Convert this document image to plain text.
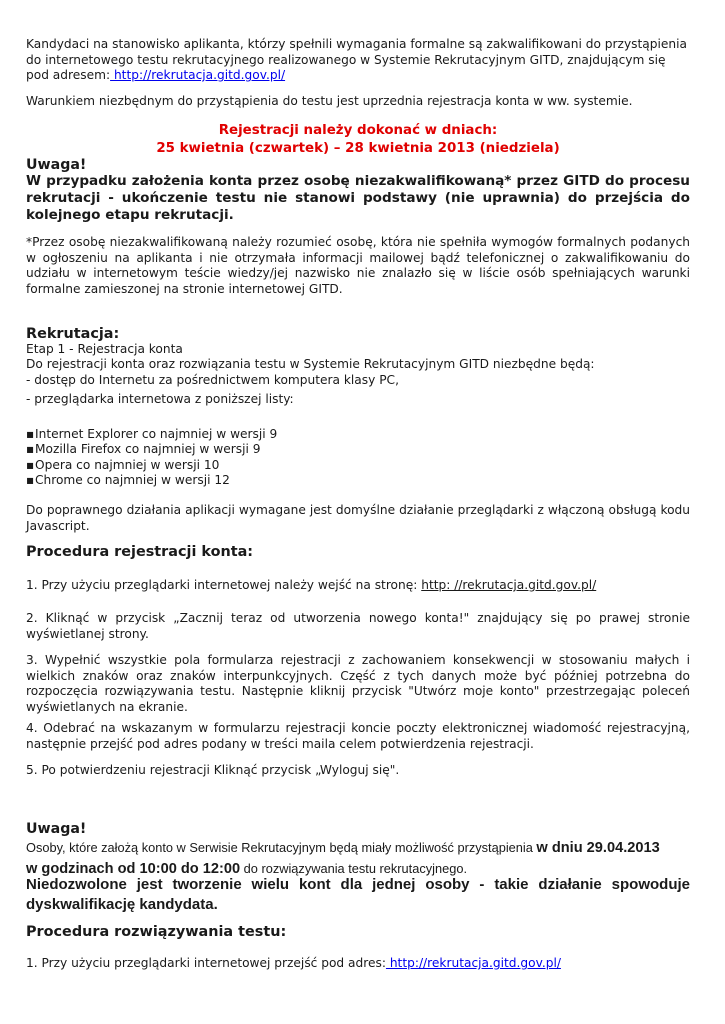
Kandydaci na stanowisko aplikanta, którzy spełnili wymagania formalne są zakwalifikowani do przystąpienia do internetowego testu rekrutacyjnego realizowanego w Systemie Rekrutacyjnym GITD, znajdującym się pod adresem: http://rekrutacja.gitd.gov.pl/

Warunkiem niezbędnym do przystąpienia do testu jest uprzednia rejestracja konta w ww. systemie.

Rejestracji należy dokonać w dniach:

25 kwietnia (czwartek) – 28 kwietnia 2013 (niedziela)

Uwaga!

W przypadku założenia konta przez osobę niezakwalifikowaną* przez GITD do procesu rekrutacji - ukończenie testu nie stanowi podstawy (nie uprawnia) do przejścia do kolejnego etapu rekrutacji.

*Przez osobę niezakwalifikowaną należy rozumieć osobę, która nie spełniła wymogów formalnych podanych w ogłoszeniu na aplikanta i nie otrzymała informacji mailowej bądź telefonicznej o zakwalifikowaniu do udziału w internetowym teście wiedzy/jej nazwisko nie znalazło się w liście osób spełniających warunki formalne zamieszonej na stronie internetowej GITD.

Rekrutacja:

Etap 1 - Rejestracja konta

Do rejestracji konta oraz rozwiązania testu w Systemie Rekrutacyjnym GITD niezbędne będą:

- dostęp do Internetu za pośrednictwem komputera klasy PC,

- przeglądarka internetowa z poniższej listy:

▪Internet Explorer co najmniej w wersji 9
▪Mozilla Firefox co najmniej w wersji 9
▪Opera co najmniej w wersji 10
▪Chrome co najmniej w wersji 12

Do poprawnego działania aplikacji wymagane jest domyślne działanie przeglądarki z włączoną obsługą kodu Javascript.

Procedura rejestracji konta:

1. Przy użyciu przeglądarki internetowej należy wejść na stronę: http: //rekrutacja.gitd.gov.pl/

2. Kliknąć w przycisk „Zacznij teraz od utworzenia nowego konta!" znajdujący się po prawej stronie wyświetlanej strony.

3. Wypełnić wszystkie pola formularza rejestracji z zachowaniem konsekwencji w stosowaniu małych i wielkich znaków oraz znaków interpunkcyjnych. Część z tych danych może być później potrzebna do rozpoczęcia rozwiązywania testu. Następnie kliknij przycisk "Utwórz moje konto" przestrzegając poleceń wyświetlanych na ekranie.

4. Odebrać na wskazanym w formularzu rejestracji koncie poczty elektronicznej wiadomość rejestracyjną, następnie przejść pod adres podany w treści maila celem potwierdzenia rejestracji.

5. Po potwierdzeniu rejestracji Kliknąć przycisk „Wyloguj się".

Uwaga!

Osoby, które założą konto w Serwisie Rekrutacyjnym będą miały możliwość przystąpienia w dniu 29.04.2013
w godzinach od 10:00 do 12:00 do rozwiązywania testu rekrutacyjnego.

Niedozwolone jest tworzenie wielu kont dla jednej osoby - takie działanie spowoduje dyskwalifikację kandydata.

Procedura rozwiązywania testu:

1. Przy użyciu przeglądarki internetowej przejść pod adres: http://rekrutacja.gitd.gov.pl/
